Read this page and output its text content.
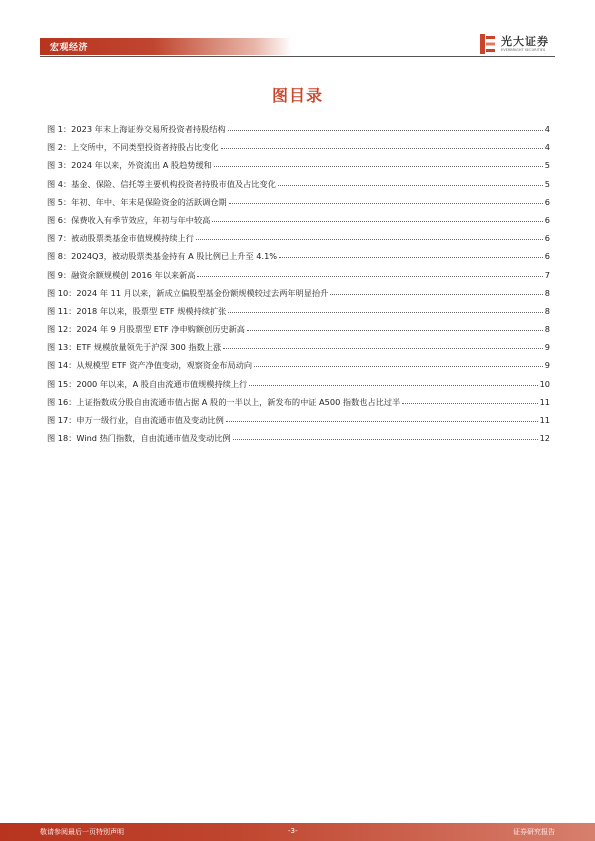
宏观经济	光大证券
EVERBRIGHT SECURITIES
图目录
图 1：2023 年末上海证券交易所投资者持股结构	4
图 2：上交所中，不同类型投资者持股占比变化	4
图 3：2024 年以来，外资流出 A 股趋势缓和	5
图 4：基金、保险、信托等主要机构投资者持股市值及占比变化	5
图 5：年初、年中、年末是保险资金的活跃调仓期	6
图 6：保费收入有季节效应，年初与年中较高	6
图 7：被动股票类基金市值规模持续上行	6
图 8：2024Q3，被动股票类基金持有 A 股比例已上升至 4.1%	6
图 9：融资余额规模创 2016 年以来新高	7
图 10：2024 年 11 月以来，新成立偏股型基金份额规模较过去两年明显抬升	8
图 11：2018 年以来，股票型 ETF 规模持续扩张	8
图 12：2024 年 9 月股票型 ETF 净申购额创历史新高	8
图 13：ETF 规模放量领先于沪深 300 指数上涨	9
图 14：从规模型 ETF 资产净值变动，观察资金布局动向	9
图 15：2000 年以来，A 股自由流通市值规模持续上行	10
图 16：上证指数成分股自由流通市值占据 A 股的一半以上，新发布的中证 A500 指数也占比过半	11
图 17：申万一级行业，自由流通市值及变动比例	11
图 18：Wind 热门指数，自由流通市值及变动比例	12
敬请参阅最后一页特别声明	-3-	证券研究报告
